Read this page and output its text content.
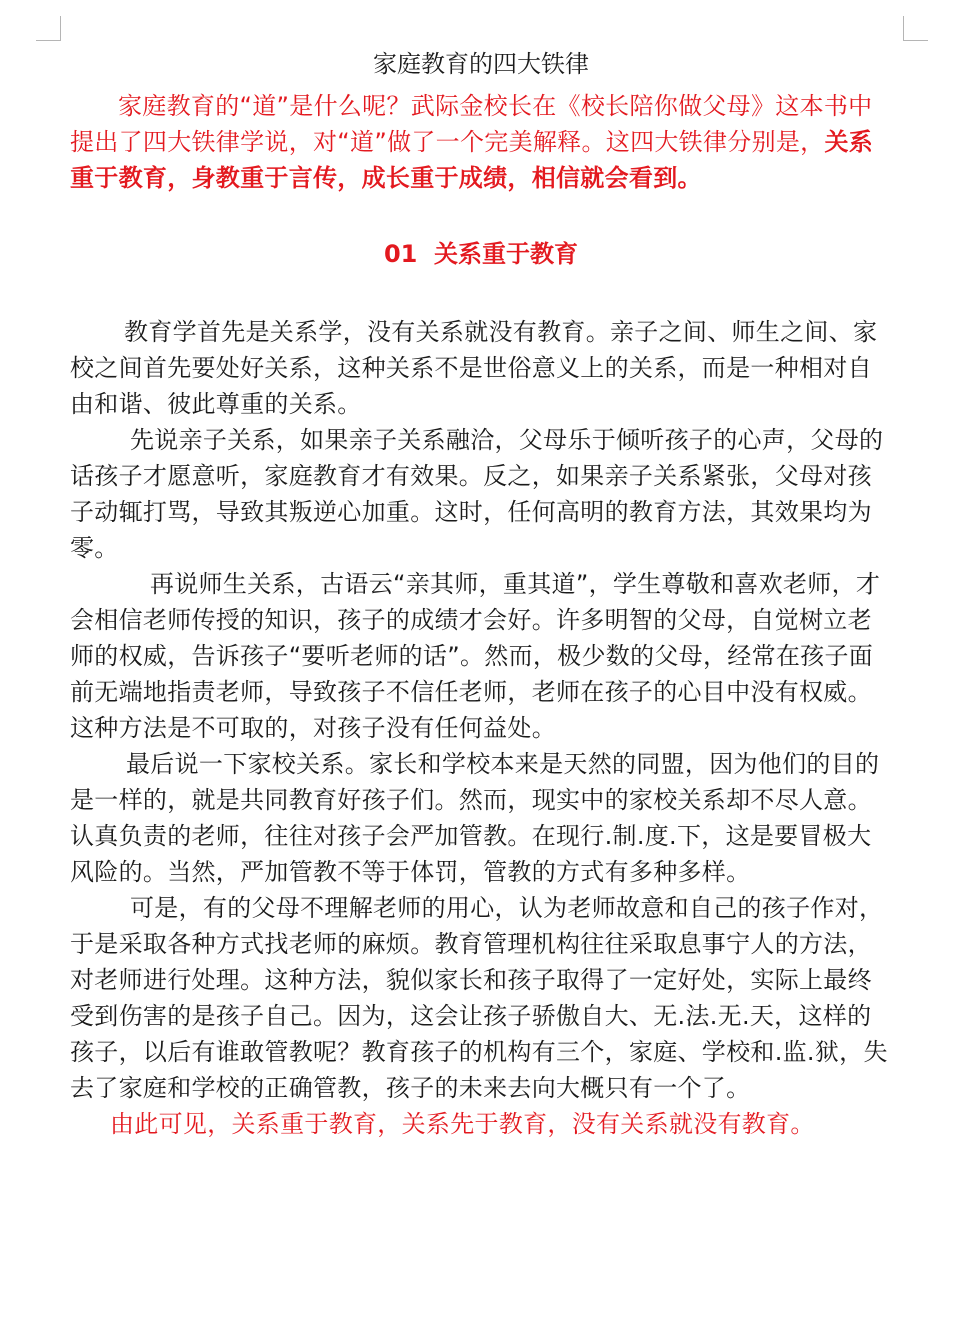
家庭教育的四大铁律

家庭教育的“道”是什么呢？武际金校长在《校长陪你做父母》这本书中提出了四大铁律学说，对“道”做了一个完美解释。这四大铁律分别是，关系重于教育，身教重于言传，成长重于成绩，相信就会看到。

01  关系重于教育

教育学首先是关系学，没有关系就没有教育。亲子之间、师生之间、家校之间首先要处好关系，这种关系不是世俗意义上的关系，而是一种相对自由和谐、彼此尊重的关系。

先说亲子关系，如果亲子关系融洽，父母乐于倾听孩子的心声，父母的话孩子才愿意听，家庭教育才有效果。反之，如果亲子关系紧张，父母对孩子动辄打骂，导致其叛逆心加重。这时，任何高明的教育方法，其效果均为零。

再说师生关系，古语云“亲其师，重其道”，学生尊敬和喜欢老师，才会相信老师传授的知识，孩子的成绩才会好。许多明智的父母，自觉树立老师的权威，告诉孩子“要听老师的话”。然而，极少数的父母，经常在孩子面前无端地指责老师，导致孩子不信任老师，老师在孩子的心目中没有权威。这种方法是不可取的，对孩子没有任何益处。

最后说一下家校关系。家长和学校本来是天然的同盟，因为他们的目的是一样的，就是共同教育好孩子们。然而，现实中的家校关系却不尽人意。认真负责的老师，往往对孩子会严加管教。在现行.制.度.下，这是要冒极大风险的。当然，严加管教不等于体罚，管教的方式有多种多样。

可是，有的父母不理解老师的用心，认为老师故意和自己的孩子作对，于是采取各种方式找老师的麻烦。教育管理机构往往采取息事宁人的方法，对老师进行处理。这种方法，貌似家长和孩子取得了一定好处，实际上最终受到伤害的是孩子自己。因为，这会让孩子骄傲自大、无.法.无.天，这样的孩子，以后有谁敢管教呢？教育孩子的机构有三个，家庭、学校和.监.狱，失去了家庭和学校的正确管教，孩子的未来去向大概只有一个了。

由此可见，关系重于教育，关系先于教育，没有关系就没有教育。
